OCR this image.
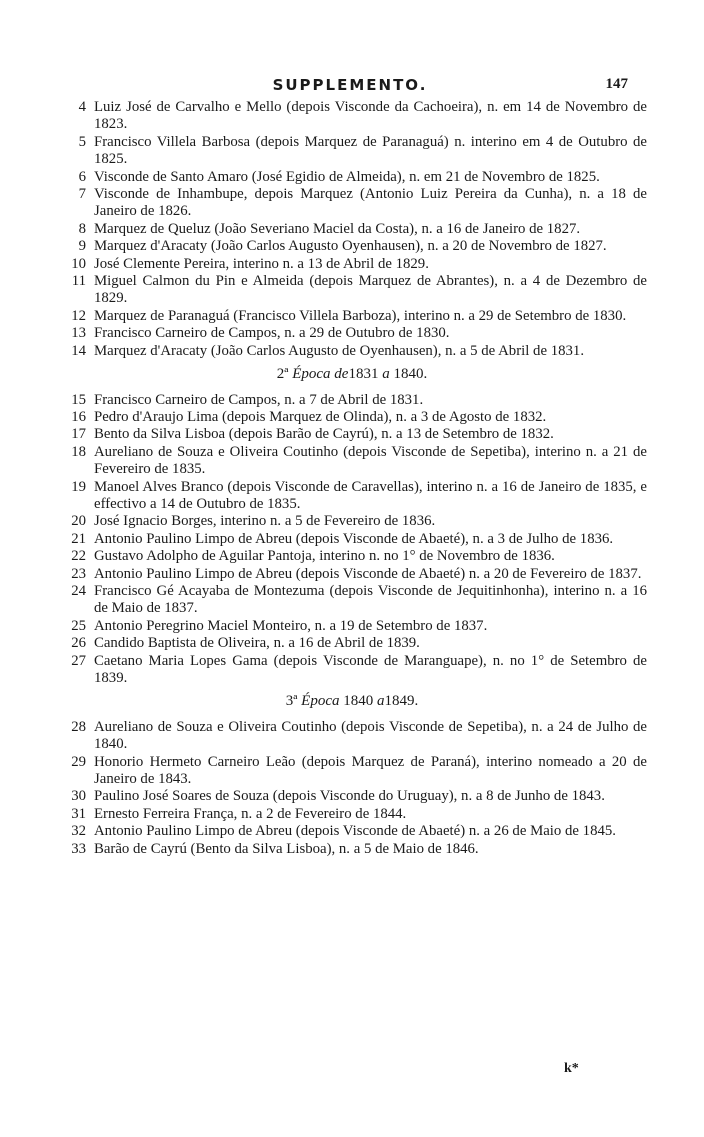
SUPPLEMENTO.	147
4 Luiz José de Carvalho e Mello (depois Visconde da Cachoeira), n. em 14 de Novembro de 1823.
5 Francisco Villela Barbosa (depois Marquez de Paranaguá) n. interino em 4 de Outubro de 1825.
6 Visconde de Santo Amaro (José Egidio de Almeida), n. em 21 de Novembro de 1825.
7 Visconde de Inhambupe, depois Marquez (Antonio Luiz Pereira da Cunha), n. a 18 de Janeiro de 1826.
8 Marquez de Queluz (João Severiano Maciel da Costa), n. a 16 de Janeiro de 1827.
9 Marquez d'Aracaty (João Carlos Augusto Oyenhausen), n. a 20 de Novembro de 1827.
10 José Clemente Pereira, interino n. a 13 de Abril de 1829.
11 Miguel Calmon du Pin e Almeida (depois Marquez de Abrantes), n. a 4 de Dezembro de 1829.
12 Marquez de Paranaguá (Francisco Villela Barboza), interino n. a 29 de Setembro de 1830.
13 Francisco Carneiro de Campos, n. a 29 de Outubro de 1830.
14 Marquez d'Aracaty (João Carlos Augusto de Oyenhausen), n. a 5 de Abril de 1831.
2ª Época de1831 a 1840.
15 Francisco Carneiro de Campos, n. a 7 de Abril de 1831.
16 Pedro d'Araujo Lima (depois Marquez de Olinda), n. a 3 de Agosto de 1832.
17 Bento da Silva Lisboa (depois Barão de Cayrú), n. a 13 de Setembro de 1832.
18 Aureliano de Souza e Oliveira Coutinho (depois Visconde de Sepetiba), interino n. a 21 de Fevereiro de 1835.
19 Manoel Alves Branco (depois Visconde de Caravellas), interino n. a 16 de Janeiro de 1835, e effectivo a 14 de Outubro de 1835.
20 José Ignacio Borges, interino n. a 5 de Fevereiro de 1836.
21 Antonio Paulino Limpo de Abreu (depois Visconde de Abaeté), n. a 3 de Julho de 1836.
22 Gustavo Adolpho de Aguilar Pantoja, interino n. no 1° de Novembro de 1836.
23 Antonio Paulino Limpo de Abreu (depois Visconde de Abaeté) n. a 20 de Fevereiro de 1837.
24 Francisco Gé Acayaba de Montezuma (depois Visconde de Jequitinhonha), interino n. a 16 de Maio de 1837.
25 Antonio Peregrino Maciel Monteiro, n. a 19 de Setembro de 1837.
26 Candido Baptista de Oliveira, n. a 16 de Abril de 1839.
27 Caetano Maria Lopes Gama (depois Visconde de Maranguape), n. no 1° de Setembro de 1839.
3ª Época 1840 a1849.
28 Aureliano de Souza e Oliveira Coutinho (depois Visconde de Sepetiba), n. a 24 de Julho de 1840.
29 Honorio Hermeto Carneiro Leão (depois Marquez de Paraná), interino nomeado a 20 de Janeiro de 1843.
30 Paulino José Soares de Souza (depois Visconde do Uruguay), n. a 8 de Junho de 1843.
31 Ernesto Ferreira França, n. a 2 de Fevereiro de 1844.
32 Antonio Paulino Limpo de Abreu (depois Visconde de Abaeté) n. a 26 de Maio de 1845.
33 Barão de Cayrú (Bento da Silva Lisboa), n. a 5 de Maio de 1846.
k*
